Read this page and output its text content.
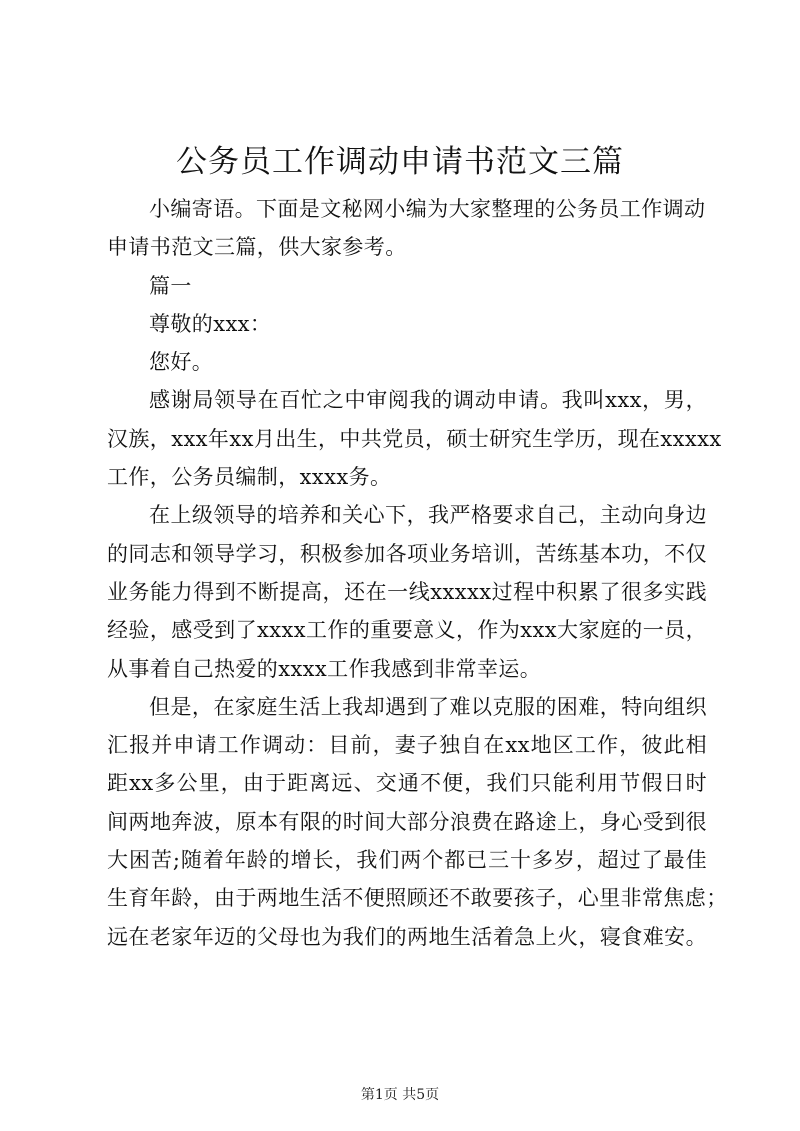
公务员工作调动申请书范文三篇
小编寄语。下面是文秘网小编为大家整理的公务员工作调动
申请书范文三篇，供大家参考。
篇一
尊敬的xxx：
您好。
感谢局领导在百忙之中审阅我的调动申请。我叫xxx，男，
汉族，xxx年xx月出生，中共党员，硕士研究生学历，现在xxxxx
工作，公务员编制，xxxx务。
在上级领导的培养和关心下，我严格要求自己，主动向身边
的同志和领导学习，积极参加各项业务培训，苦练基本功，不仅
业务能力得到不断提高，还在一线xxxxx过程中积累了很多实践
经验，感受到了xxxx工作的重要意义，作为xxx大家庭的一员，
从事着自己热爱的xxxx工作我感到非常幸运。
但是，在家庭生活上我却遇到了难以克服的困难，特向组织
汇报并申请工作调动：目前，妻子独自在xx地区工作，彼此相
距xx多公里，由于距离远、交通不便，我们只能利用节假日时
间两地奔波，原本有限的时间大部分浪费在路途上，身心受到很
大困苦;随着年龄的增长，我们两个都已三十多岁，超过了最佳
生育年龄，由于两地生活不便照顾还不敢要孩子，心里非常焦虑；
远在老家年迈的父母也为我们的两地生活着急上火，寝食难安。
第1页 共5页
